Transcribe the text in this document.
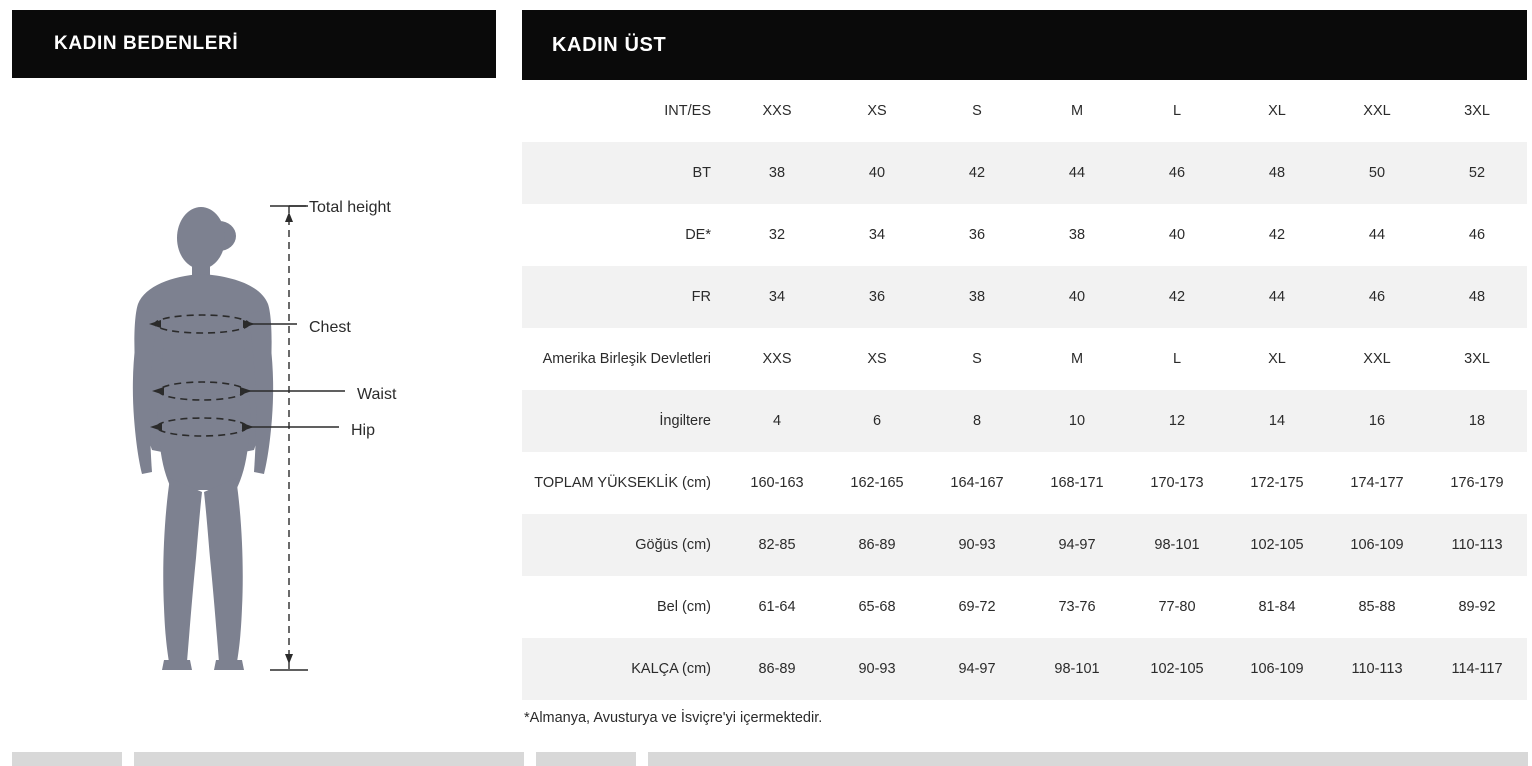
KADIN BEDENLERİ
Total height
Chest
Waist
Hip
KADIN ÜST
INT/ES	XXS	XS	S	M	L	XL	XXL	3XL
BT	38	40	42	44	46	48	50	52
DE*	32	34	36	38	40	42	44	46
FR	34	36	38	40	42	44	46	48
Amerika Birleşik Devletleri	XXS	XS	S	M	L	XL	XXL	3XL
İngiltere	4	6	8	10	12	14	16	18
TOPLAM YÜKSEKLİK (cm)	160-163	162-165	164-167	168-171	170-173	172-175	174-177	176-179
Göğüs (cm)	82-85	86-89	90-93	94-97	98-101	102-105	106-109	110-113
Bel (cm)	61-64	65-68	69-72	73-76	77-80	81-84	85-88	89-92
KALÇA (cm)	86-89	90-93	94-97	98-101	102-105	106-109	110-113	114-117
*Almanya, Avusturya ve İsviçre'yi içermektedir.
